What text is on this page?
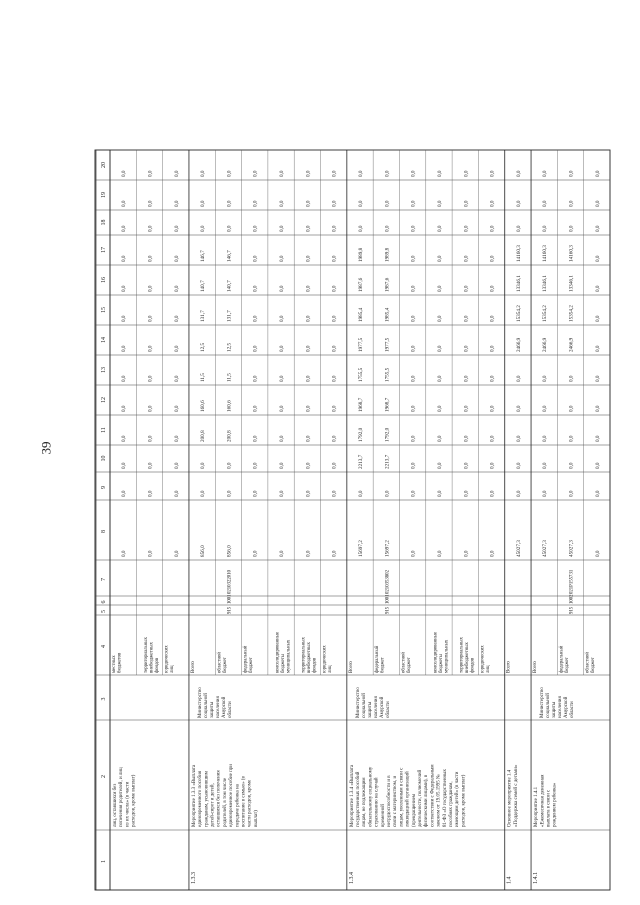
39
1
2
3
4
5
6
7
8
9
10
11
12
13
14
15
16
17
18
19
20
лиц, оставшихся без попечения родителей, и лиц из их числа» (в части расходов, кроме выплат)
местных бюджетов
0,0
0,0
0,0
0,0
0,0
0,0
0,0
0,0
0,0
0,0
0,0
0,0
0,0
территориальных внебюджетных фондов
0,0
0,0
0,0
0,0
0,0
0,0
0,0
0,0
0,0
0,0
0,0
0,0
0,0
юридических лиц
0,0
0,0
0,0
0,0
0,0
0,0
0,0
0,0
0,0
0,0
0,0
0,0
0,0
1.3.3
Мероприятие 1.3.3 «Выплата единовременного пособия гражданам, усыновившим детей-сирот и детей, оставшихся без попечения родителей, в том числе единовременное пособие при передаче ребенка на воспитание в семью» (в части расходов, кроме выплат)
Министерство социальной защиты населения Амурской области
Всего
856,0
0,0
0,0
200,8
160,6
11,5
12,5
131,7
140,7
146,7
0,0
0,0
0,0
областной бюджет
915
1001
0210322010
856,0
0,0
0,0
200,8
160,6
11,5
12,5
131,7
140,7
146,7
0,0
0,0
0,0
федеральный бюджет
0,0
0,0
0,0
0,0
0,0
0,0
0,0
0,0
0,0
0,0
0,0
0,0
0,0
консолидированные бюджеты муниципальных
0,0
0,0
0,0
0,0
0,0
0,0
0,0
0,0
0,0
0,0
0,0
0,0
0,0
территориальных внебюджетных фондов
0,0
0,0
0,0
0,0
0,0
0,0
0,0
0,0
0,0
0,0
0,0
0,0
0,0
юридических лиц
0,0
0,0
0,0
0,0
0,0
0,0
0,0
0,0
0,0
0,0
0,0
0,0
0,0
1.3.4
Мероприятие 1.3.4 «Выплата государственных пособий лицам, не подлежащим обязательному социальному страхованию на случай временной нетрудоспособности и в связи с материнством, и лицам, уволенным в связи с ликвидацией организаций (прекращением деятельности, полномочий физическими лицами), в соответствии с Федеральным законом от 19.05.1995 № 81-ФЗ «О государственных пособиях гражданам, имеющим детей» (в части расходов, кроме выплат)
Министерство социальной защиты населения Амурской области
Всего
15697,2
0,0
2213,7
1792,0
1968,7
1755,5
1977,5
1985,4
1987,6
1989,8
0,0
0,0
0,0
федеральный бюджет
915
1001
0210353802
15697,2
0,0
2213,7
1792,0
1968,7
1755,5
1977,5
1985,4
1987,6
1989,8
0,0
0,0
0,0
областной бюджет
0,0
0,0
0,0
0,0
0,0
0,0
0,0
0,0
0,0
0,0
0,0
0,0
0,0
консолидированные бюджеты муниципальных
0,0
0,0
0,0
0,0
0,0
0,0
0,0
0,0
0,0
0,0
0,0
0,0
0,0
территориальных внебюджетных фондов
0,0
0,0
0,0
0,0
0,0
0,0
0,0
0,0
0,0
0,0
0,0
0,0
0,0
юридических лиц
0,0
0,0
0,0
0,0
0,0
0,0
0,0
0,0
0,0
0,0
0,0
0,0
0,0
1.4
Основное мероприятие 1.4 «Поддержка семей с детьми»
Всего
45027,3
0,0
0,0
0,0
0,0
0,0
2466,9
15354,2
13346,1
14160,3
0,0
0,0
0,0
1.4.1
Мероприятие 1.4.1 «Ежемесячная денежная выплата в связи с рождением ребенка»
Министерство социальной защиты населения Амурской области
Всего
45027,3
0,0
0,0
0,0
0,0
0,0
2466,9
15354,2
13346,1
14160,3
0,0
0,0
0,0
федеральный бюджет
915
1002
021P155731
45027,3
0,0
0,0
0,0
0,0
0,0
2466,9
15354,2
13346,1
14160,3
0,0
0,0
0,0
областной бюджет
0,0
0,0
0,0
0,0
0,0
0,0
0,0
0,0
0,0
0,0
0,0
0,0
0,0
